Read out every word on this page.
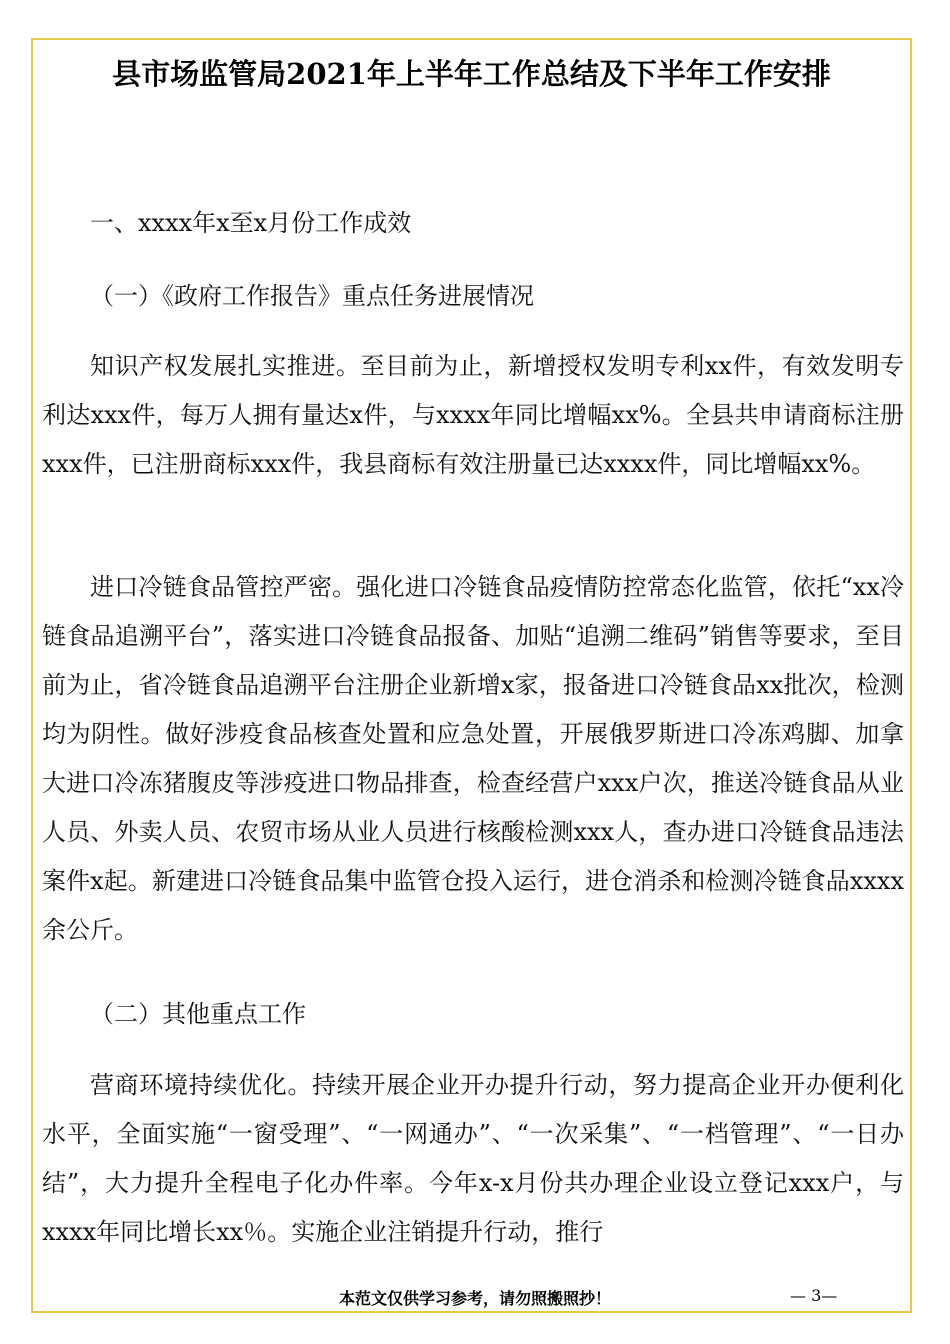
县市场监管局2021年上半年工作总结及下半年工作安排

一、xxxx年x至x月份工作成效

（一）《政府工作报告》重点任务进展情况

知识产权发展扎实推进。至目前为止，新增授权发明专利xx件，有效发明专利达xxx件，每万人拥有量达x件，与xxxx年同比增幅xx%。全县共申请商标注册xxx件，已注册商标xxx件，我县商标有效注册量已达xxxx件，同比增幅xx%。

进口冷链食品管控严密。强化进口冷链食品疫情防控常态化监管，依托“xx冷链食品追溯平台”，落实进口冷链食品报备、加贴“追溯二维码”销售等要求，至目前为止，省冷链食品追溯平台注册企业新增x家，报备进口冷链食品xx批次，检测均为阴性。做好涉疫食品核查处置和应急处置，开展俄罗斯进口冷冻鸡脚、加拿大进口冷冻猪腹皮等涉疫进口物品排查，检查经营户xxx户次，推送冷链食品从业人员、外卖人员、农贸市场从业人员进行核酸检测xxx人，查办进口冷链食品违法案件x起。新建进口冷链食品集中监管仓投入运行，进仓消杀和检测冷链食品xxxx余公斤。

（二）其他重点工作

营商环境持续优化。持续开展企业开办提升行动，努力提高企业开办便利化水平，全面实施“一窗受理”、“一网通办”、“一次采集”、“一档管理”、“一日办结”，大力提升全程电子化办件率。今年x-x月份共办理企业设立登记xxx户，与xxxx年同比增长xx％。实施企业注销提升行动，推行

本范文仅供学习参考，请勿照搬照抄！	— 3—
